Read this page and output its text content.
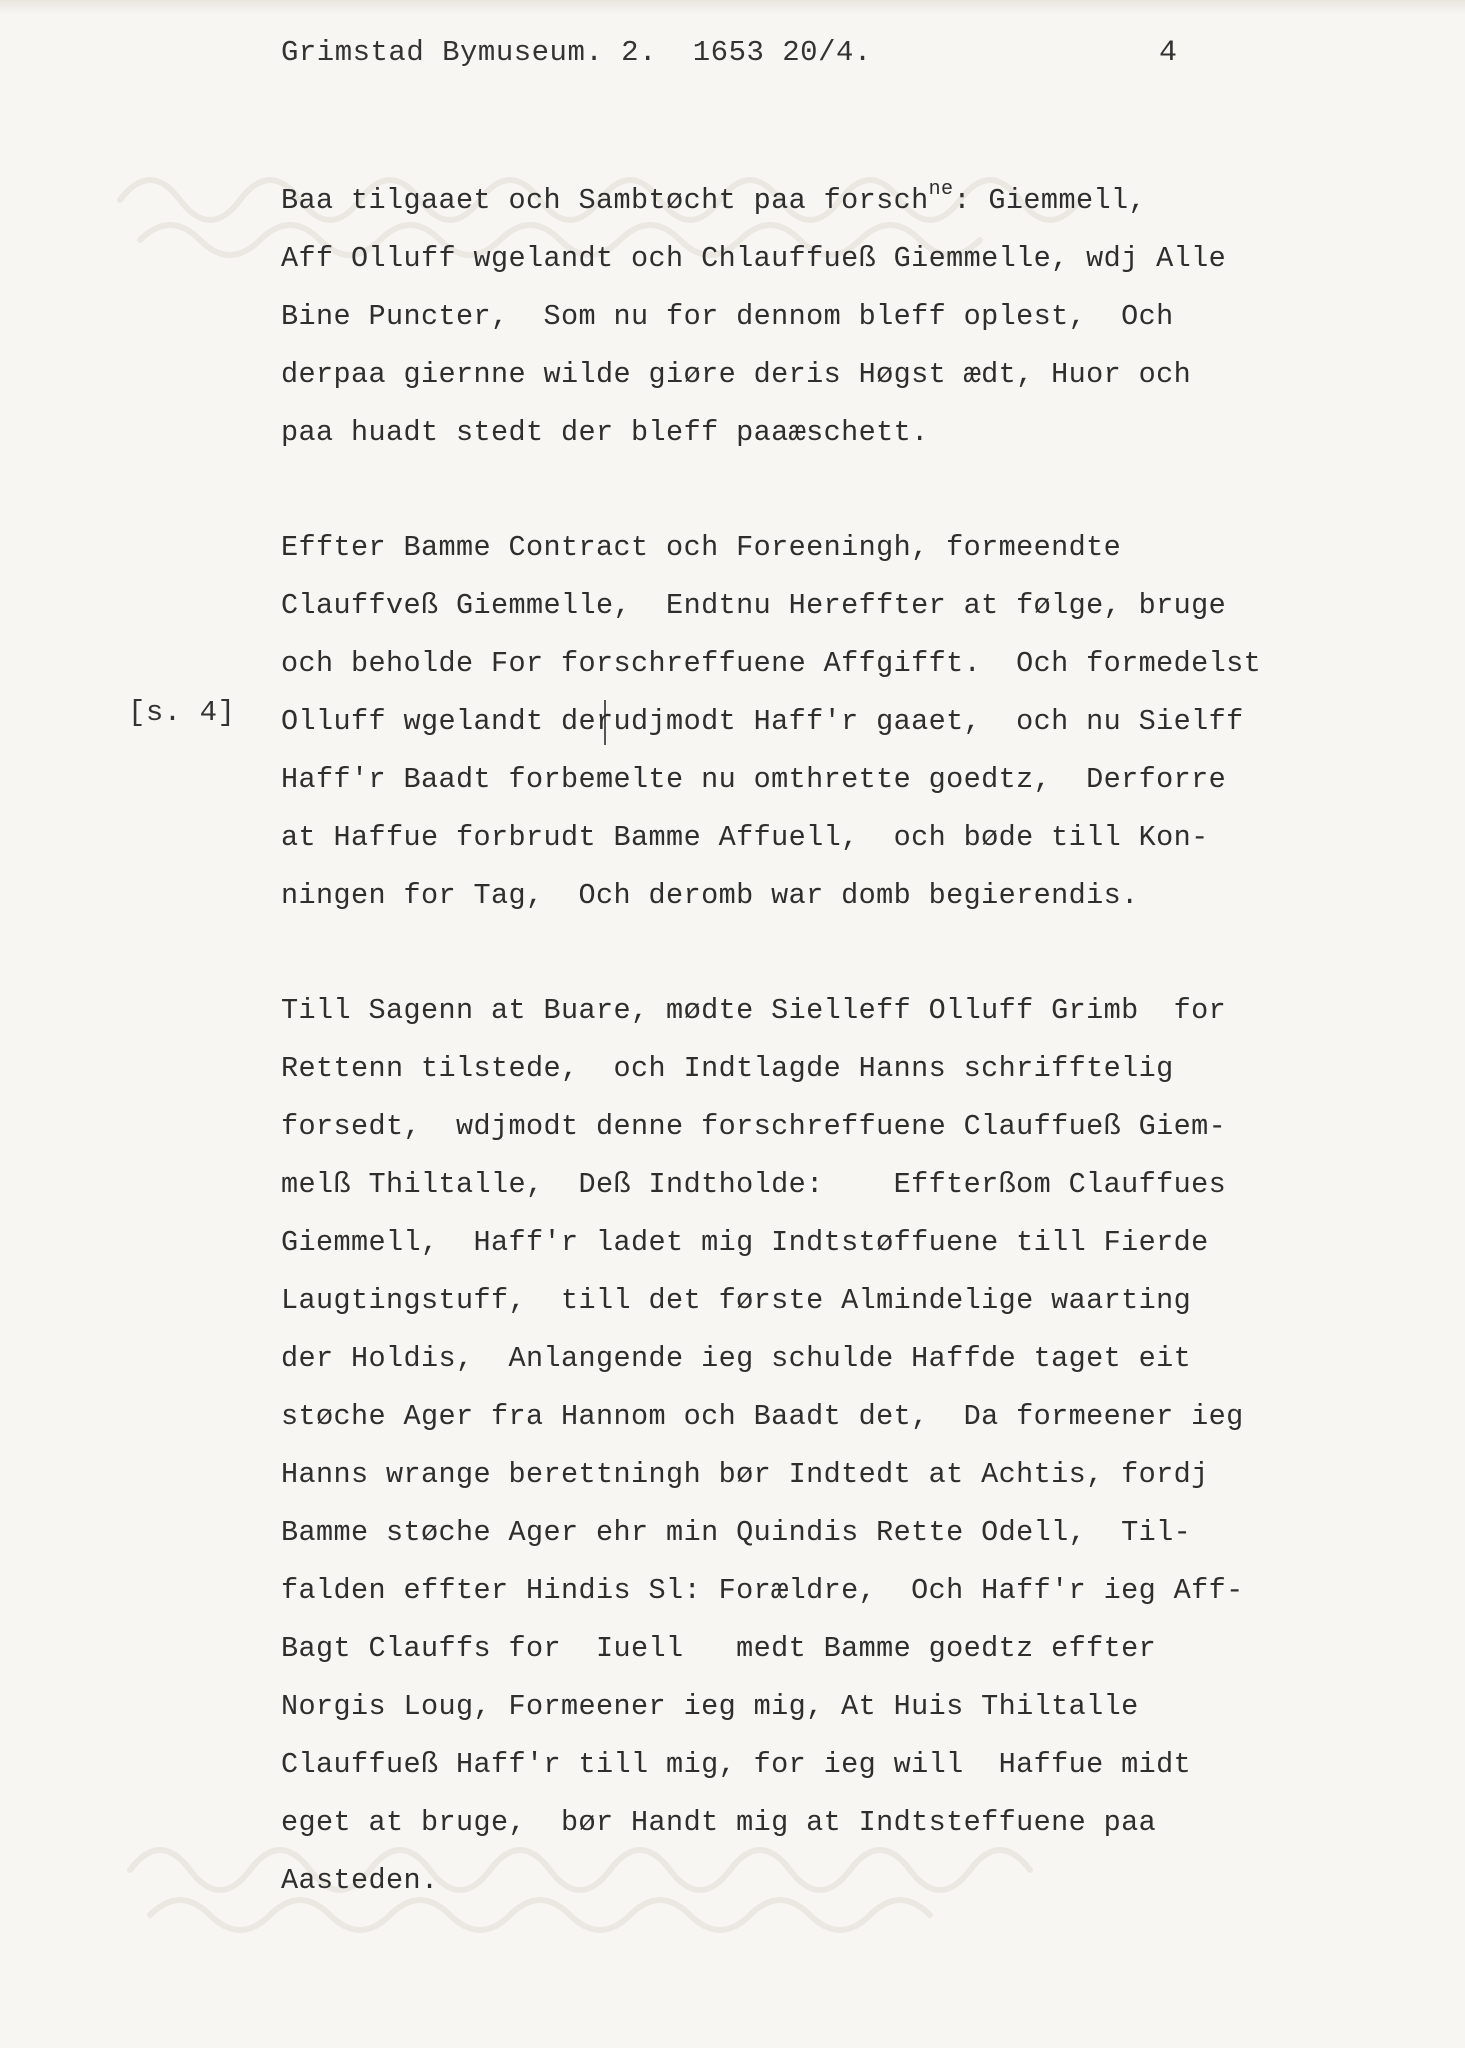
Grimstad Bymuseum. 2.  1653 20/4.	4
[s. 4]
Baa tilgaaet och Sambtøcht paa forsch$^{ne}$: Giemmell,
Aff Olluff wgelandt och Chlauffueß Giemmelle, wdj Alle
Bine Puncter,  Som nu for dennom bleff oplest,  Och
derpaa giernne wilde giøre deris Høgst ædt, Huor och
paa huadt stedt der bleff paaæschett.
Effter Bamme Contract och Foreeningh, formeendte
Clauffveß Giemmelle,  Endtnu Hereffter at følge, bruge
och beholde For forschreffuene Affgifft.  Och formedelst
Olluff wgelandt derudjmodt Haff'r gaaet,  och nu Sielff
Haff'r Baadt forbemelte nu omthrette goedtz,  Derforre
at Haffue forbrudt Bamme Affuell,  och bøde till Kon-
ningen for Tag,  Och deromb war domb begierendis.
Till Sagenn at Buare, mødte Sielleff Olluff Grimb  for
Rettenn tilstede,  och Indtlagde Hanns schrifftelig
forsedt,  wdjmodt denne forschreffuene Clauffueß Giem-
melß Thiltalle,  Deß Indtholde:    Effterßom Clauffues
Giemmell,  Haff'r ladet mig Indtstøffuene till Fierde
Laugtingstuff,  till det første Almindelige waarting
der Holdis,  Anlangende ieg schulde Haffde taget eit
støche Ager fra Hannom och Baadt det,  Da formeener ieg
Hanns wrange berettningh bør Indtedt at Achtis, fordj
Bamme støche Ager ehr min Quindis Rette Odell,  Til-
falden effter Hindis Sl: Forældre,  Och Haff'r ieg Aff-
Bagt Clauffs for  Iuell   medt Bamme goedtz effter
Norgis Loug, Formeener ieg mig, At Huis Thiltalle
Clauffueß Haff'r till mig, for ieg will  Haffue midt
eget at bruge,  bør Handt mig at Indtsteffuene paa
Aasteden.
